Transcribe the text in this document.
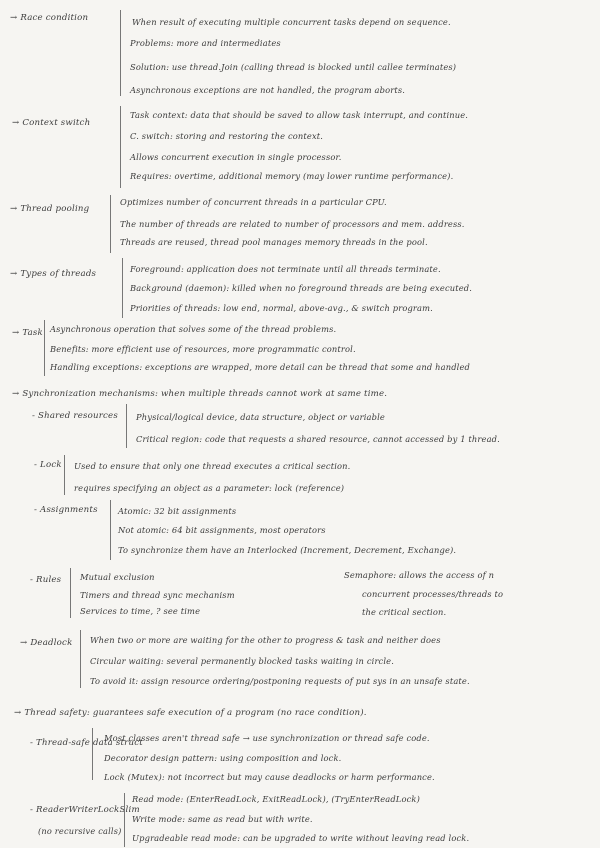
→ Race condition	When result of executing multiple concurrent tasks depend on sequence.
Problems: more and intermediates
Solution: use thread.Join (calling thread is blocked until callee terminates)
Asynchronous exceptions are not handled, the program aborts.
→ Context switch
Task context: data that should be saved to allow task interrupt, and continue.
C. switch: storing and restoring the context.
Allows concurrent execution in single processor.
Requires: overtime, additional memory (may lower runtime performance).
→ Thread pooling
Optimizes number of concurrent threads in a particular CPU.
The number of threads are related to number of processors and mem. address.
Threads are reused, thread pool manages memory threads in the pool.
→ Types of threads	Foreground: application does not terminate until all threads terminate.
Background (daemon): killed when no foreground threads are being executed.
Priorities of threads: low end, normal, above-avg., & switch program.
→ Task Asynchronous operation that solves some of the thread problems.
Benefits: more efficient use of resources, more programmatic control.
Handling exceptions: exceptions are wrapped, more detail can be thread that some and handled
→ Synchronization mechanisms: when multiple threads cannot work at same time.
- Shared resources Physical/logical device, data structure, object or variable
Critical region: code that requests a shared resource, cannot accessed by 1 thread.
- Lock Used to ensure that only one thread executes a critical section.
requires specifying an object as a parameter: lock (reference)
- Assignments Atomic: 32 bit assignments
Not atomic: 64 bit assignments, most operators
To synchronize them have an Interlocked (Increment, Decrement, Exchange).
- Rules Mutual exclusion
Timers and thread sync mechanism
Services to time, ? see time
Semaphore: allows the access of n
concurrent processes/threads to
the critical section.
→ Deadlock When two or more are waiting for the other to progress & task and neither does
Circular waiting: several permanently blocked tasks waiting in circle.
To avoid it: assign resource ordering/postponing requests of put sys in an unsafe state.
→ Thread safety: guarantees safe execution of a program (no race condition).
- Thread-safe data struct
Most classes aren't thread safe → use synchronization or thread safe code.
Decorator design pattern: using composition and lock.
Lock (Mutex): not incorrect but may cause deadlocks or harm performance.
- ReaderWriterLockSlim
(no recursive calls)
Read mode: (EnterReadLock, ExitReadLock), (TryEnterReadLock)
Write mode: same as read but with write.
Upgradeable read mode: can be upgraded to write without leaving read lock.
